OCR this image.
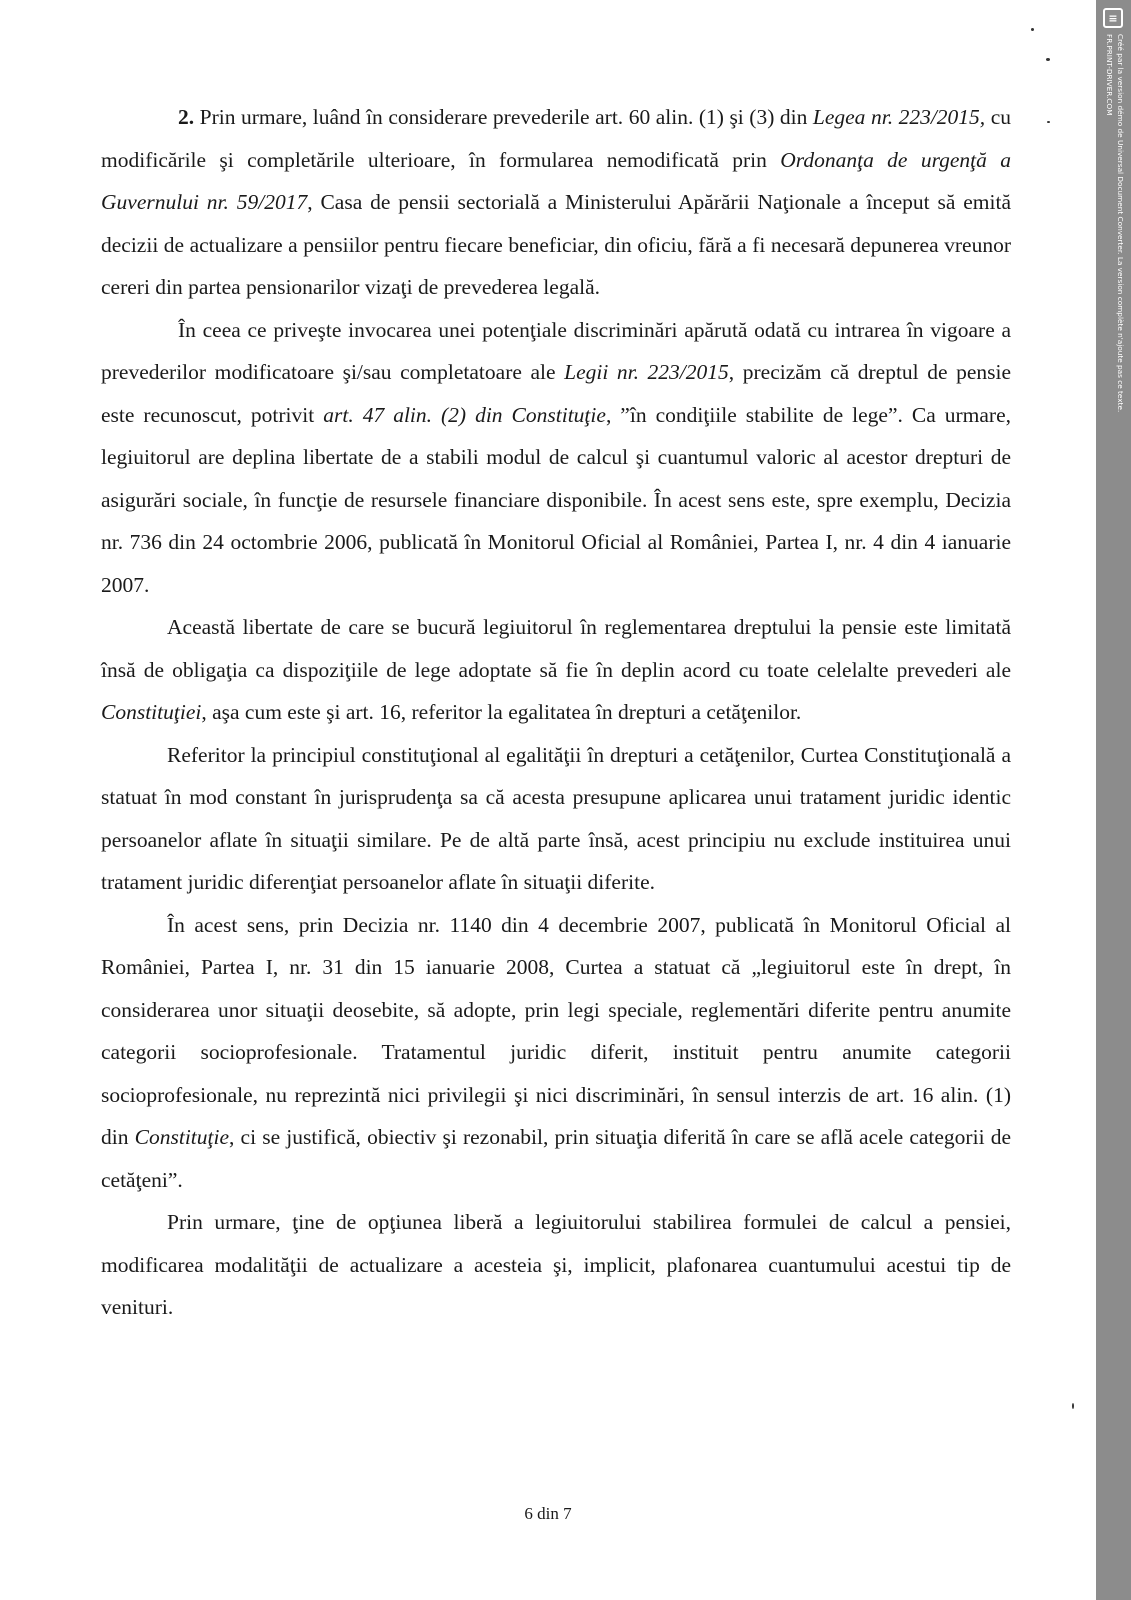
2. Prin urmare, luând în considerare prevederile art. 60 alin. (1) şi (3) din Legea nr. 223/2015, cu modificările şi completările ulterioare, în formularea nemodificată prin Ordonanţa de urgenţă a Guvernului nr. 59/2017, Casa de pensii sectorială a Ministerului Apărării Naţionale a început să emită decizii de actualizare a pensiilor pentru fiecare beneficiar, din oficiu, fără a fi necesară depunerea vreunor cereri din partea pensionarilor vizaţi de prevederea legală.

În ceea ce priveşte invocarea unei potenţiale discriminări apărută odată cu intrarea în vigoare a prevederilor modificatoare şi/sau completatoare ale Legii nr. 223/2015, precizăm că dreptul de pensie este recunoscut, potrivit art. 47 alin. (2) din Constituţie, ”în condiţiile stabilite de lege”. Ca urmare, legiuitorul are deplina libertate de a stabili modul de calcul şi cuantumul valoric al acestor drepturi de asigurări sociale, în funcţie de resursele financiare disponibile. În acest sens este, spre exemplu, Decizia nr. 736 din 24 octombrie 2006, publicată în Monitorul Oficial al României, Partea I, nr. 4 din 4 ianuarie 2007.

Această libertate de care se bucură legiuitorul în reglementarea dreptului la pensie este limitată însă de obligaţia ca dispoziţiile de lege adoptate să fie în deplin acord cu toate celelalte prevederi ale Constituţiei, aşa cum este şi art. 16, referitor la egalitatea în drepturi a cetăţenilor.

Referitor la principiul constituţional al egalităţii în drepturi a cetăţenilor, Curtea Constituţională a statuat în mod constant în jurisprudenţa sa că acesta presupune aplicarea unui tratament juridic identic persoanelor aflate în situaţii similare. Pe de altă parte însă, acest principiu nu exclude instituirea unui tratament juridic diferenţiat persoanelor aflate în situaţii diferite.

În acest sens, prin Decizia nr. 1140 din 4 decembrie 2007, publicată în Monitorul Oficial al României, Partea I, nr. 31 din 15 ianuarie 2008, Curtea a statuat că „legiuitorul este în drept, în considerarea unor situaţii deosebite, să adopte, prin legi speciale, reglementări diferite pentru anumite categorii socioprofesionale. Tratamentul juridic diferit, instituit pentru anumite categorii socioprofesionale, nu reprezintă nici privilegii şi nici discriminări, în sensul interzis de art. 16 alin. (1) din Constituţie, ci se justifică, obiectiv şi rezonabil, prin situaţia diferită în care se află acele categorii de cetăţeni”.

Prin urmare, ţine de opţiunea liberă a legiuitorului stabilirea formulei de calcul a pensiei, modificarea modalităţii de actualizare a acesteia şi, implicit, plafonarea cuantumului acestui tip de venituri.

6 din 7
≡
Créé par la version démo de Universal Document Converter. La version complète n'ajoute pas ce texte.
FR.PRINT-DRIVER.COM
